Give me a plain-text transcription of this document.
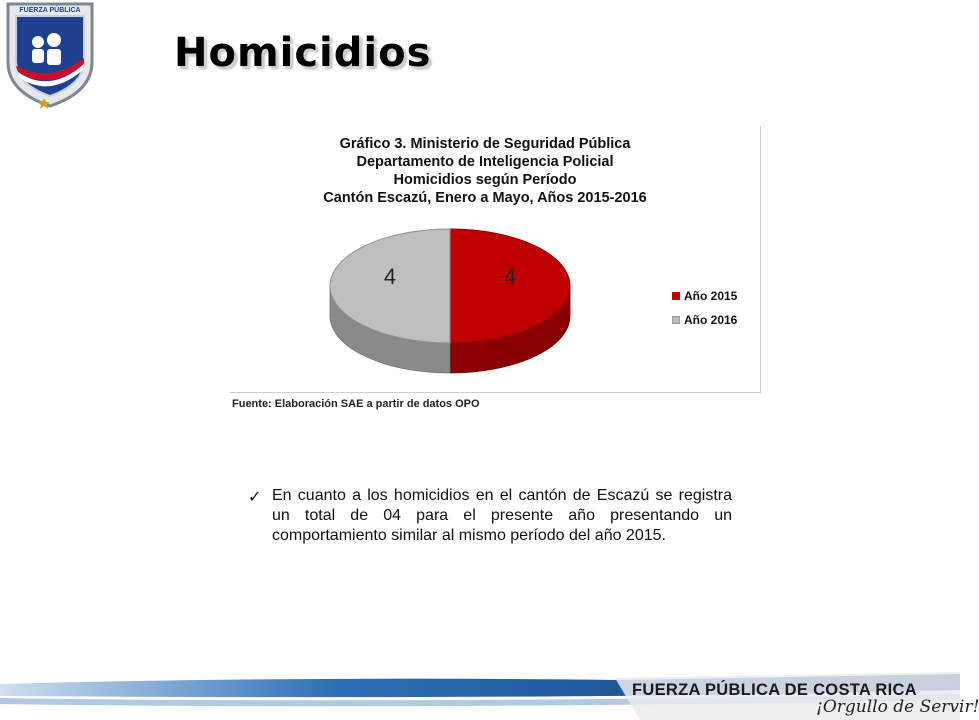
FUERZA PÚBLICA
Homicidios
Gráfico 3. Ministerio de Seguridad Pública
Departamento de Inteligencia Policial
Homicidios según Período
Cantón Escazú, Enero a Mayo, Años 2015-2016
4
4
Año 2015
Año 2016
Fuente: Elaboración SAE a partir de datos OPO
✓ En cuanto a los homicidios en el cantón de Escazú se registra un total de 04 para el presente año presentando un comportamiento similar al mismo período del año 2015.
FUERZA PÚBLICA DE COSTA RICA
¡Orgullo de Servir!
